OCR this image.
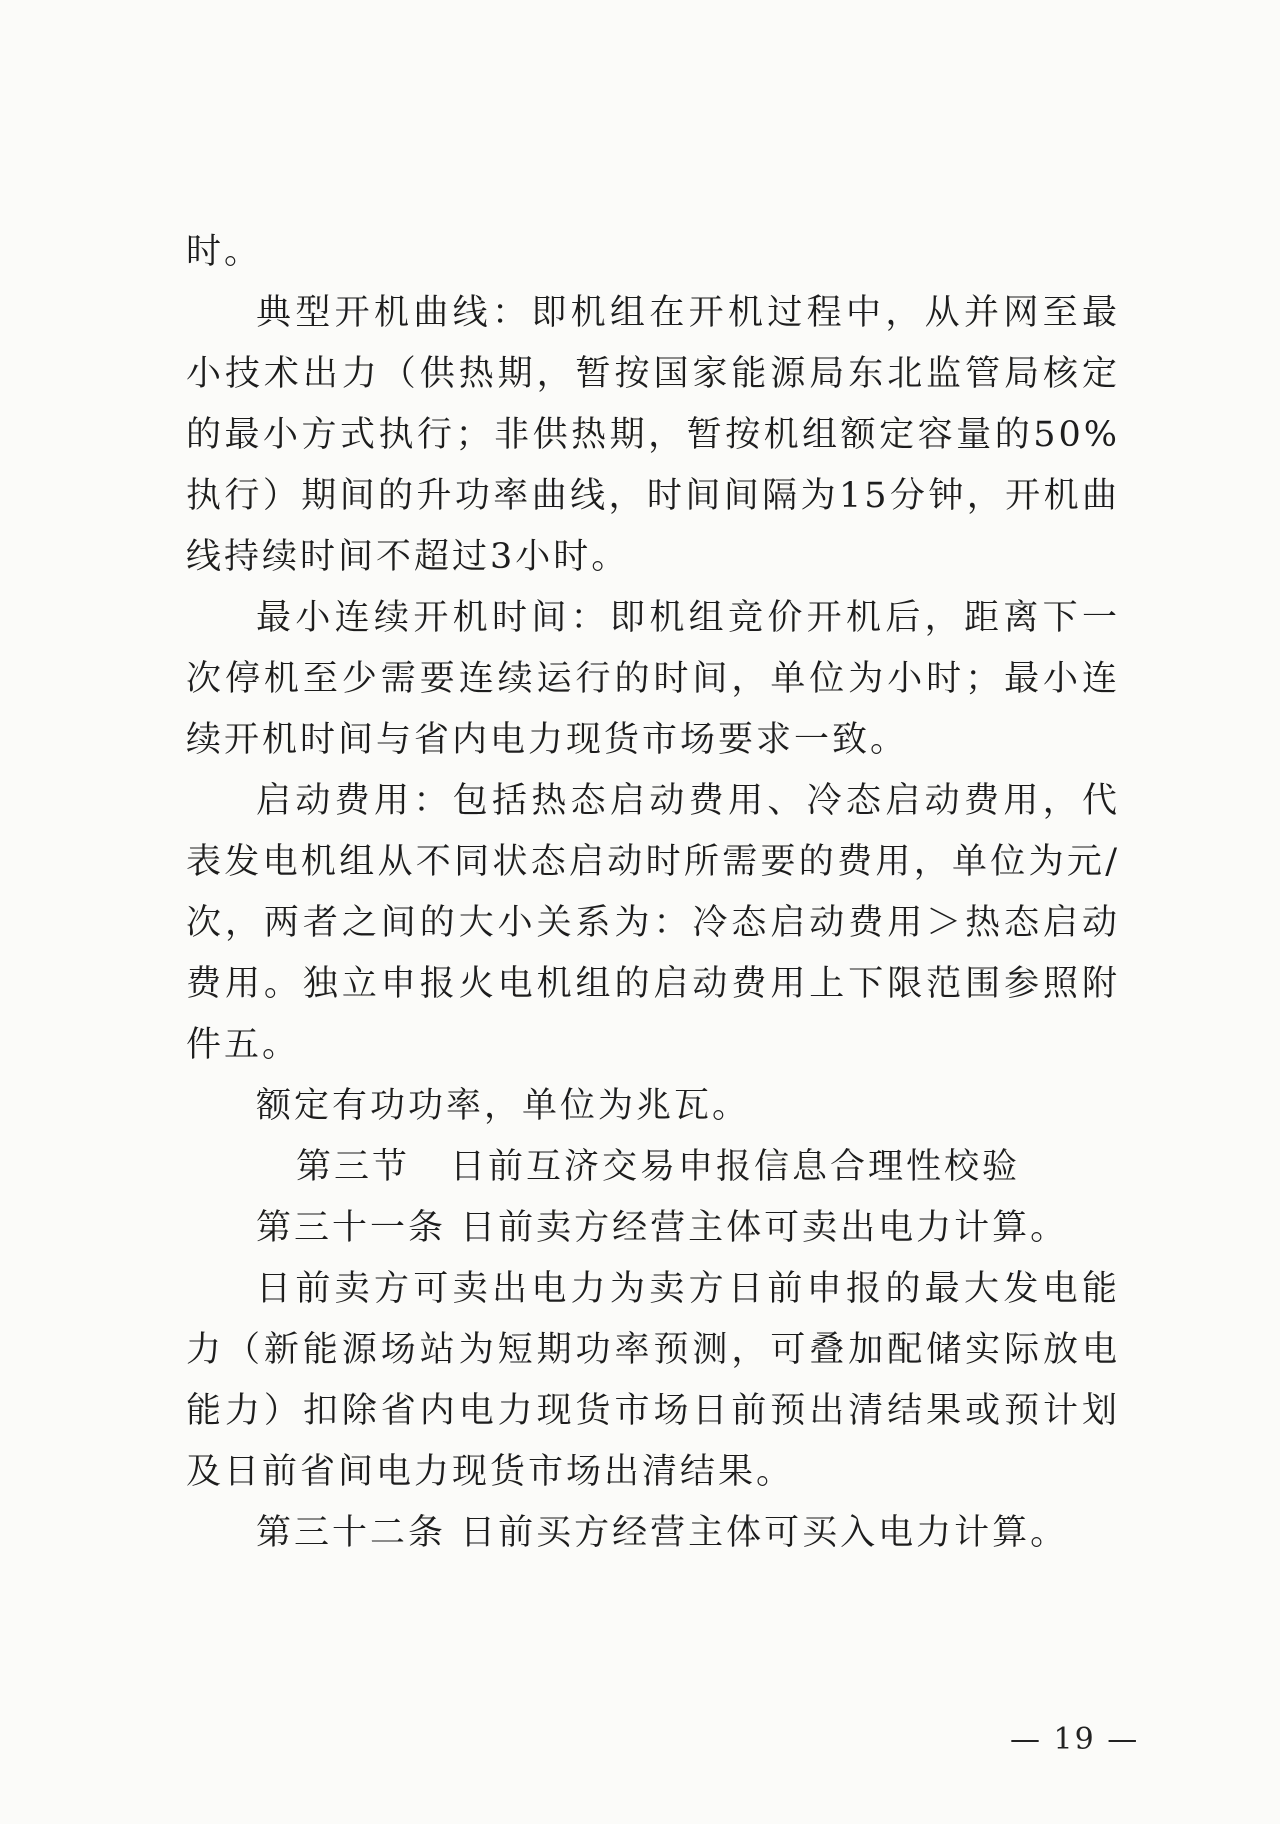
时。

典型开机曲线：即机组在开机过程中，从并网至最小技术出力（供热期，暂按国家能源局东北监管局核定的最小方式执行；非供热期，暂按机组额定容量的50%执行）期间的升功率曲线，时间间隔为15分钟，开机曲线持续时间不超过3小时。

最小连续开机时间：即机组竞价开机后，距离下一次停机至少需要连续运行的时间，单位为小时；最小连续开机时间与省内电力现货市场要求一致。

启动费用：包括热态启动费用、冷态启动费用，代表发电机组从不同状态启动时所需要的费用，单位为元/次，两者之间的大小关系为：冷态启动费用＞热态启动费用。独立申报火电机组的启动费用上下限范围参照附件五。

额定有功功率，单位为兆瓦。

第三节 日前互济交易申报信息合理性校验

第三十一条 日前卖方经营主体可卖出电力计算。

日前卖方可卖出电力为卖方日前申报的最大发电能力（新能源场站为短期功率预测，可叠加配储实际放电能力）扣除省内电力现货市场日前预出清结果或预计划及日前省间电力现货市场出清结果。

第三十二条 日前买方经营主体可买入电力计算。

— 19 —
